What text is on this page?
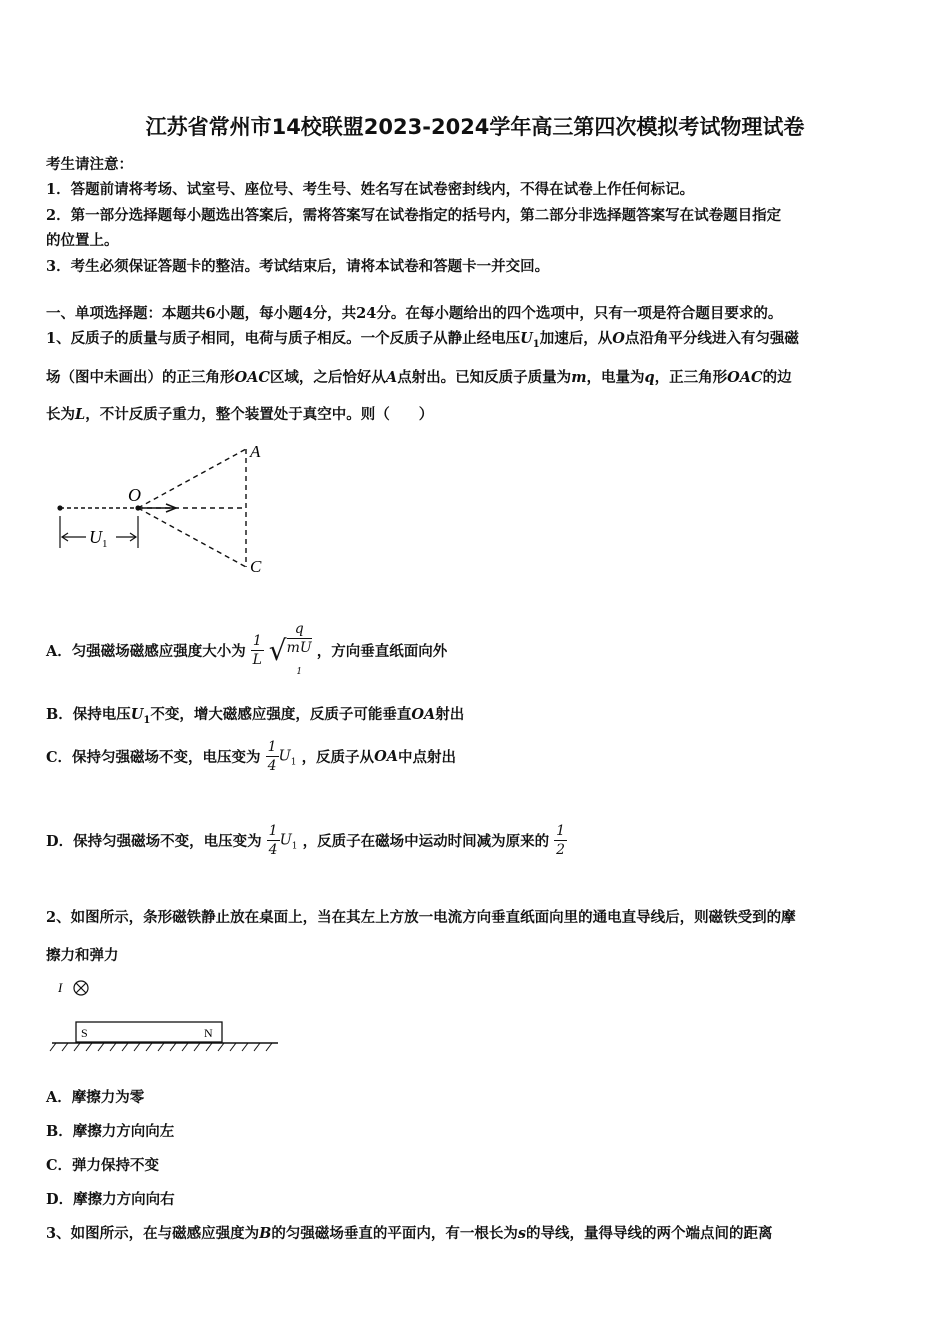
江苏省常州市14校联盟2023-2024学年高三第四次模拟考试物理试卷
考生请注意：
1．答题前请将考场、试室号、座位号、考生号、姓名写在试卷密封线内，不得在试卷上作任何标记。
2．第一部分选择题每小题选出答案后，需将答案写在试卷指定的括号内，第二部分非选择题答案写在试卷题目指定
的位置上。
3．考生必须保证答题卡的整洁。考试结束后，请将本试卷和答题卡一并交回。
一、单项选择题：本题共6小题，每小题4分，共24分。在每小题给出的四个选项中，只有一项是符合题目要求的。
1、反质子的质量与质子相同，电荷与质子相反。一个反质子从静止经电压$U_1$加速后，从O点沿角平分线进入有匀强磁
场（图中未画出）的正三角形OAC区域，之后恰好从A点射出。已知反质子质量为m，电量为q，正三角形OAC的边
长为L，不计反质子重力，整个装置处于真空中。则（　　）
$U_1$
O
A
C
A．匀强磁场磁感应强度大小为 $\frac{1}{L}$ √ q
mU
$_1$ ，方向垂直纸面向外
B．保持电压$U_1$不变，增大磁感应强度，反质子可能垂直OA射出
C．保持匀强磁场不变，电压变为 $\frac{1}{4} U_1$ ，反质子从OA中点射出
D．保持匀强磁场不变，电压变为 $\frac{1}{4} U_1$ ，反质子在磁场中运动时间减为原来的 $\frac{1}{2}$
2、如图所示，条形磁铁静止放在桌面上，当在其左上方放一电流方向垂直纸面向里的通电直导线后，则磁铁受到的摩
擦力和弹力
I
S	N
A．摩擦力为零
B．摩擦力方向向左
C．弹力保持不变
D．摩擦力方向向右
3、如图所示，在与磁感应强度为B的匀强磁场垂直的平面内，有一根长为s的导线，量得导线的两个端点间的距离
